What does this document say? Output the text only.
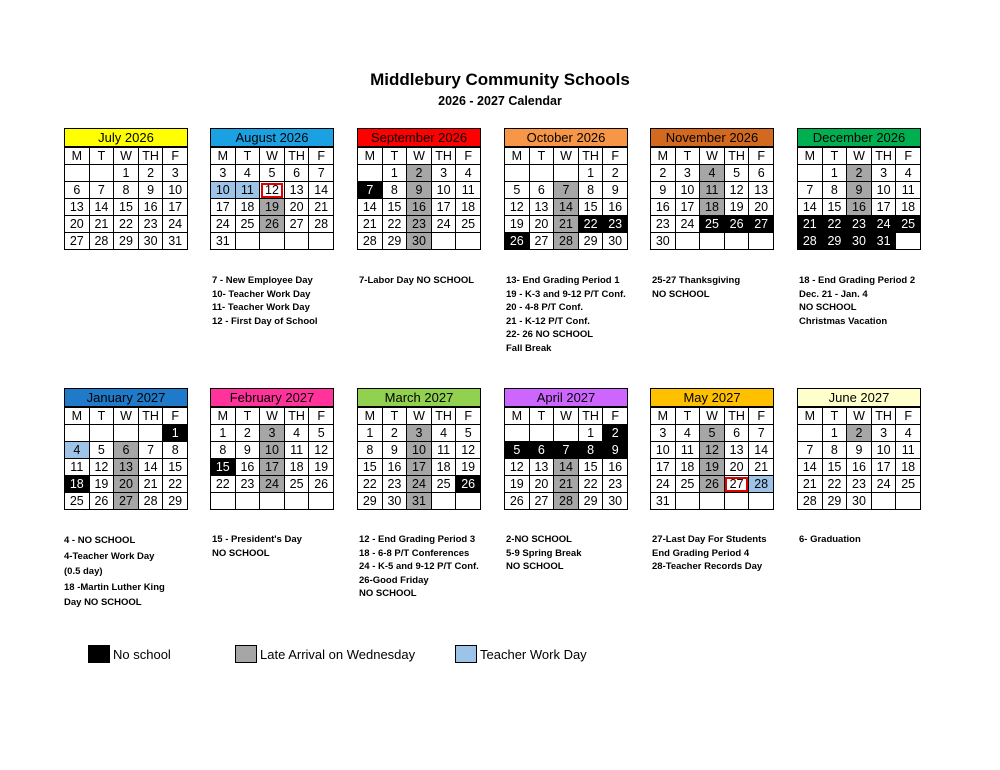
Middlebury Community Schools
2026 - 2027 Calendar
July 2026
M	T	W	TH	F
		1	2	3
6	7	8	9	10
13	14	15	16	17
20	21	22	23	24
27	28	29	30	31
August 2026
M	T	W	TH	F
3	4	5	6	7
10	11	12	13	14
17	18	19	20	21
24	25	26	27	28
31				
7 - New Employee Day
10- Teacher Work Day
11- Teacher Work Day
12 - First Day of School
September 2026
M	T	W	TH	F
	1	2	3	4
7	8	9	10	11
14	15	16	17	18
21	22	23	24	25
28	29	30		
7-Labor Day NO SCHOOL
October 2026
M	T	W	TH	F
			1	2
5	6	7	8	9
12	13	14	15	16
19	20	21	22	23
26	27	28	29	30
13- End Grading Period 1
19 - K-3 and 9-12 P/T Conf.
20 - 4-8 P/T Conf.
21 - K-12 P/T Conf.
22- 26 NO SCHOOL
Fall Break
November 2026
M	T	W	TH	F
2	3	4	5	6
9	10	11	12	13
16	17	18	19	20
23	24	25	26	27
30				
25-27 Thanksgiving
NO SCHOOL
December 2026
M	T	W	TH	F
	1	2	3	4
7	8	9	10	11
14	15	16	17	18
21	22	23	24	25
28	29	30	31	
18 - End Grading Period 2
Dec. 21 - Jan. 4
NO SCHOOL
Christmas Vacation
January 2027
M	T	W	TH	F
				1
4	5	6	7	8
11	12	13	14	15
18	19	20	21	22
25	26	27	28	29
4 - NO SCHOOL
4-Teacher Work Day
(0.5 day)
18 -Martin Luther King
Day NO SCHOOL
February 2027
M	T	W	TH	F
1	2	3	4	5
8	9	10	11	12
15	16	17	18	19
22	23	24	25	26

15 - President's Day
NO SCHOOL
March 2027
M	T	W	TH	F
1	2	3	4	5
8	9	10	11	12
15	16	17	18	19
22	23	24	25	26
29	30	31		
12 - End Grading Period 3
18 - 6-8 P/T Conferences
24 - K-5 and 9-12 P/T Conf.
26-Good Friday
NO SCHOOL
April 2027
M	T	W	TH	F
			1	2
5	6	7	8	9
12	13	14	15	16
19	20	21	22	23
26	27	28	29	30
2-NO SCHOOL
5-9 Spring Break
NO SCHOOL
May 2027
M	T	W	TH	F
3	4	5	6	7
10	11	12	13	14
17	18	19	20	21
24	25	26	27	28
31				
27-Last Day For Students
End Grading Period 4
28-Teacher Records Day
June 2027
M	T	W	TH	F
	1	2	3	4
7	8	9	10	11
14	15	16	17	18
21	22	23	24	25
28	29	30		
6- Graduation
No school	Late Arrival on Wednesday	Teacher Work Day
